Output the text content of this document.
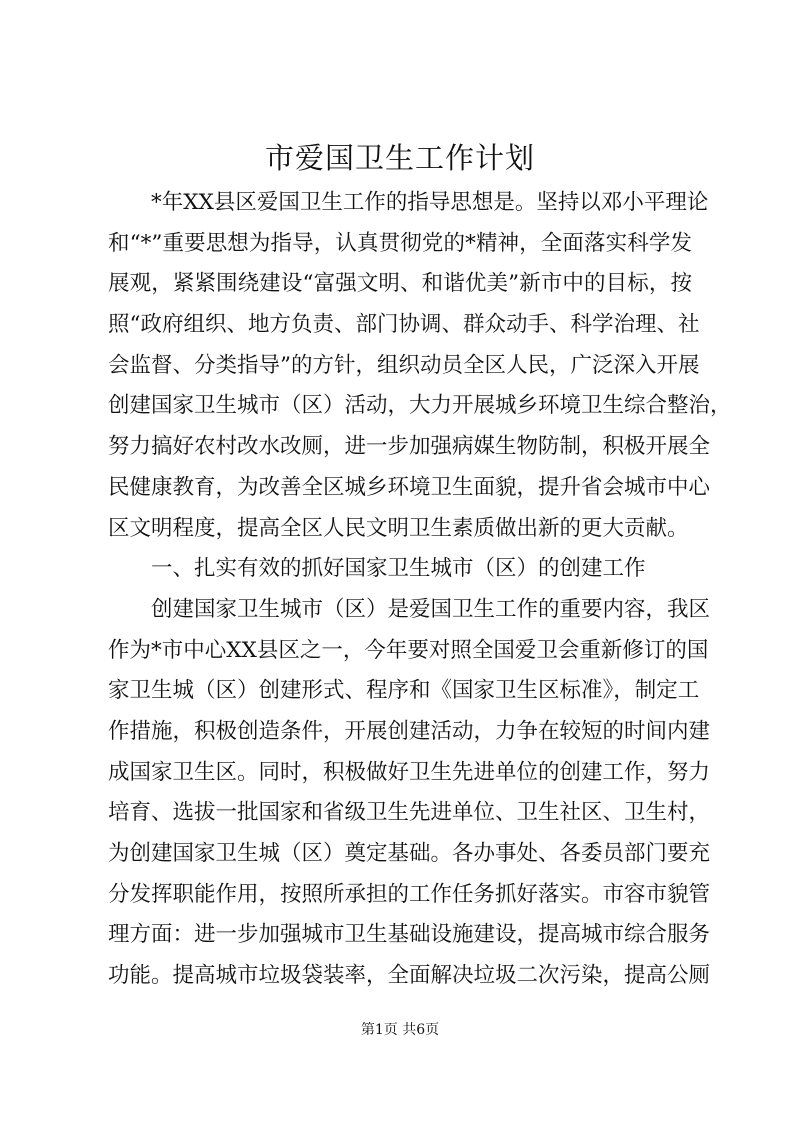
市爱国卫生工作计划
*年XX县区爱国卫生工作的指导思想是。坚持以邓小平理论
和“*”重要思想为指导，认真贯彻党的*精神，全面落实科学发
展观，紧紧围绕建设“富强文明、和谐优美”新市中的目标，按
照“政府组织、地方负责、部门协调、群众动手、科学治理、社
会监督、分类指导”的方针，组织动员全区人民，广泛深入开展
创建国家卫生城市（区）活动，大力开展城乡环境卫生综合整治，
努力搞好农村改水改厕，进一步加强病媒生物防制，积极开展全
民健康教育，为改善全区城乡环境卫生面貌，提升省会城市中心
区文明程度，提高全区人民文明卫生素质做出新的更大贡献。
一、扎实有效的抓好国家卫生城市（区）的创建工作
创建国家卫生城市（区）是爱国卫生工作的重要内容，我区
作为*市中心XX县区之一，今年要对照全国爱卫会重新修订的国
家卫生城（区）创建形式、程序和《国家卫生区标准》，制定工
作措施，积极创造条件，开展创建活动，力争在较短的时间内建
成国家卫生区。同时，积极做好卫生先进单位的创建工作，努力
培育、选拔一批国家和省级卫生先进单位、卫生社区、卫生村，
为创建国家卫生城（区）奠定基础。各办事处、各委员部门要充
分发挥职能作用，按照所承担的工作任务抓好落实。市容市貌管
理方面：进一步加强城市卫生基础设施建设，提高城市综合服务
功能。提高城市垃圾袋装率，全面解决垃圾二次污染，提高公厕
第1页 共6页
